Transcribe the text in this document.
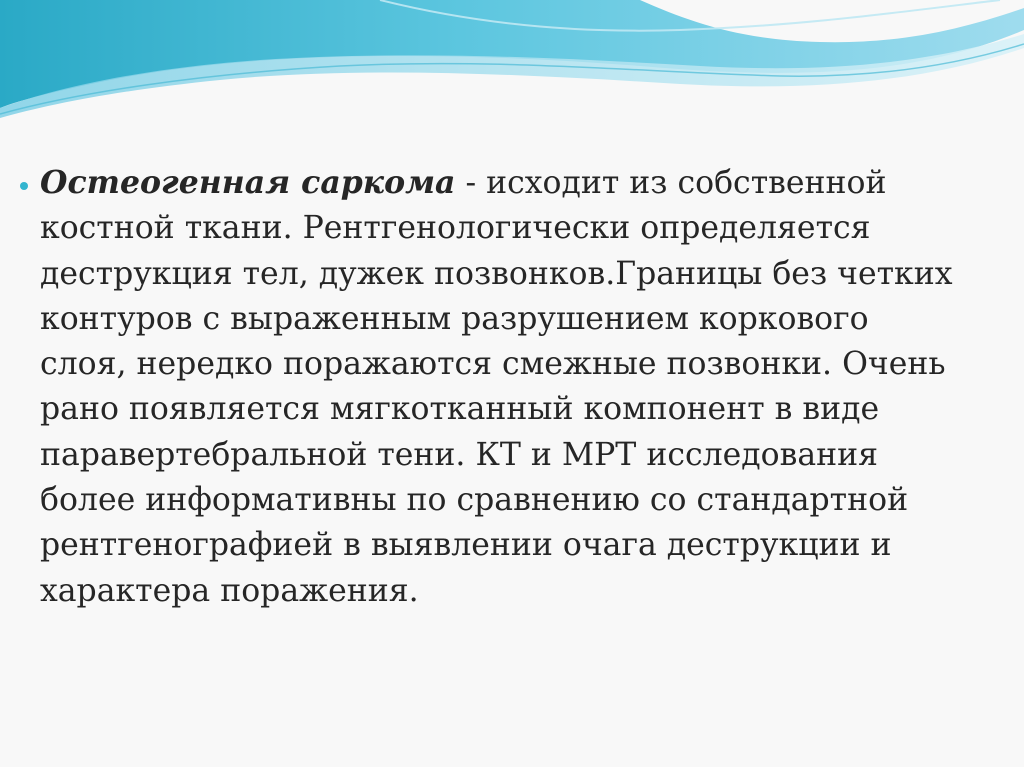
Остеогенная саркома - исходит из собственной костной ткани. Рентгенологически определяется деструкция тел, дужек позвонков.Границы без четких контуров с выраженным разрушением коркового слоя, нередко поражаются смежные позвонки. Очень рано появляется мягкотканный компонент в виде паравертебральной тени. КТ и МРТ исследования более информативны по сравнению со стандартной рентгенографией в выявлении очага деструкции и характера поражения.
